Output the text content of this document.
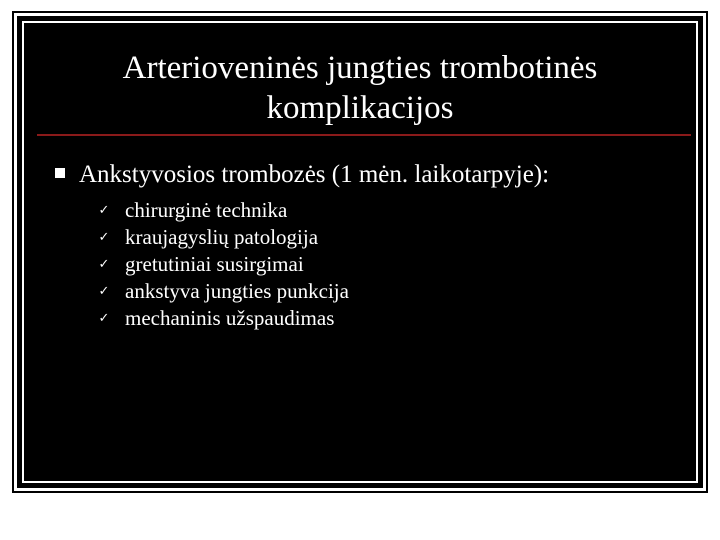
Arterioveninės jungties trombotinės
komplikacijos
Ankstyvosios trombozės (1 mėn. laikotarpyje):
✓ chirurginė technika
✓ kraujagyslių patologija
✓ gretutiniai susirgimai
✓ ankstyva jungties punkcija
✓ mechaninis užspaudimas
